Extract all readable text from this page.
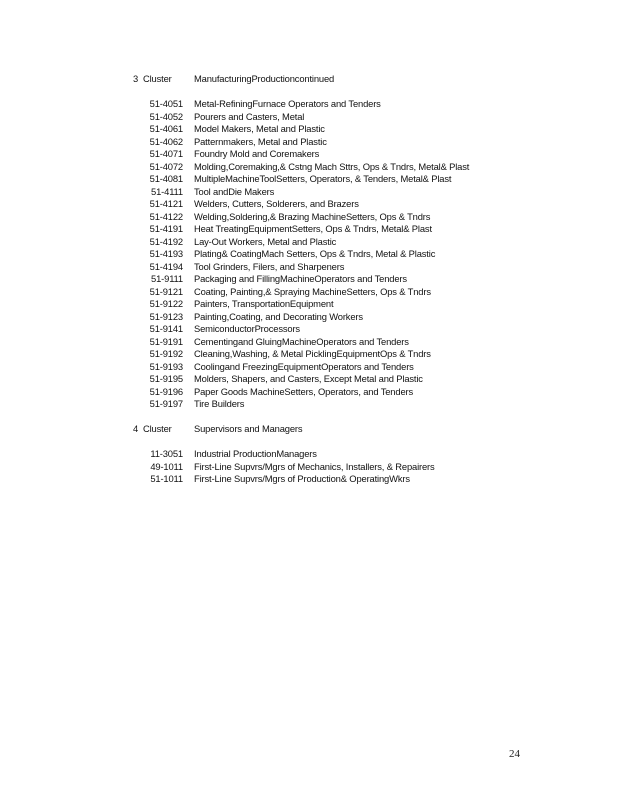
3 Cluster ManufacturingProductioncontinued
51-4051 Metal-RefiningFurnace Operators and Tenders
51-4052 Pourers and Casters, Metal
51-4061 Model Makers, Metal and Plastic
51-4062 Patternmakers, Metal and Plastic
51-4071 Foundry Mold and Coremakers
51-4072 Molding,Coremaking,& Cstng Mach Sttrs, Ops & Tndrs, Metal& Plast
51-4081 MultipleMachineToolSetters, Operators, & Tenders, Metal& Plast
51-4111 Tool andDie Makers
51-4121 Welders, Cutters, Solderers, and Brazers
51-4122 Welding,Soldering,& Brazing MachineSetters, Ops & Tndrs
51-4191 Heat TreatingEquipmentSetters, Ops & Tndrs, Metal& Plast
51-4192 Lay-Out Workers, Metal and Plastic
51-4193 Plating& CoatingMach Setters, Ops & Tndrs, Metal & Plastic
51-4194 Tool Grinders, Filers, and Sharpeners
51-9111 Packaging and FillingMachineOperators and Tenders
51-9121 Coating, Painting,& Spraying MachineSetters, Ops & Tndrs
51-9122 Painters, TransportationEquipment
51-9123 Painting,Coating, and Decorating Workers
51-9141 SemiconductorProcessors
51-9191 Cementingand GluingMachineOperators and Tenders
51-9192 Cleaning,Washing, & Metal PicklingEquipmentOps & Tndrs
51-9193 Coolingand FreezingEquipmentOperators and Tenders
51-9195 Molders, Shapers, and Casters, Except Metal and Plastic
51-9196 Paper Goods MachineSetters, Operators, and Tenders
51-9197 Tire Builders
4 Cluster Supervisors and Managers
11-3051 Industrial ProductionManagers
49-1011 First-Line Supvrs/Mgrs of Mechanics, Installers, & Repairers
51-1011 First-Line Supvrs/Mgrs of Production& OperatingWkrs
24
